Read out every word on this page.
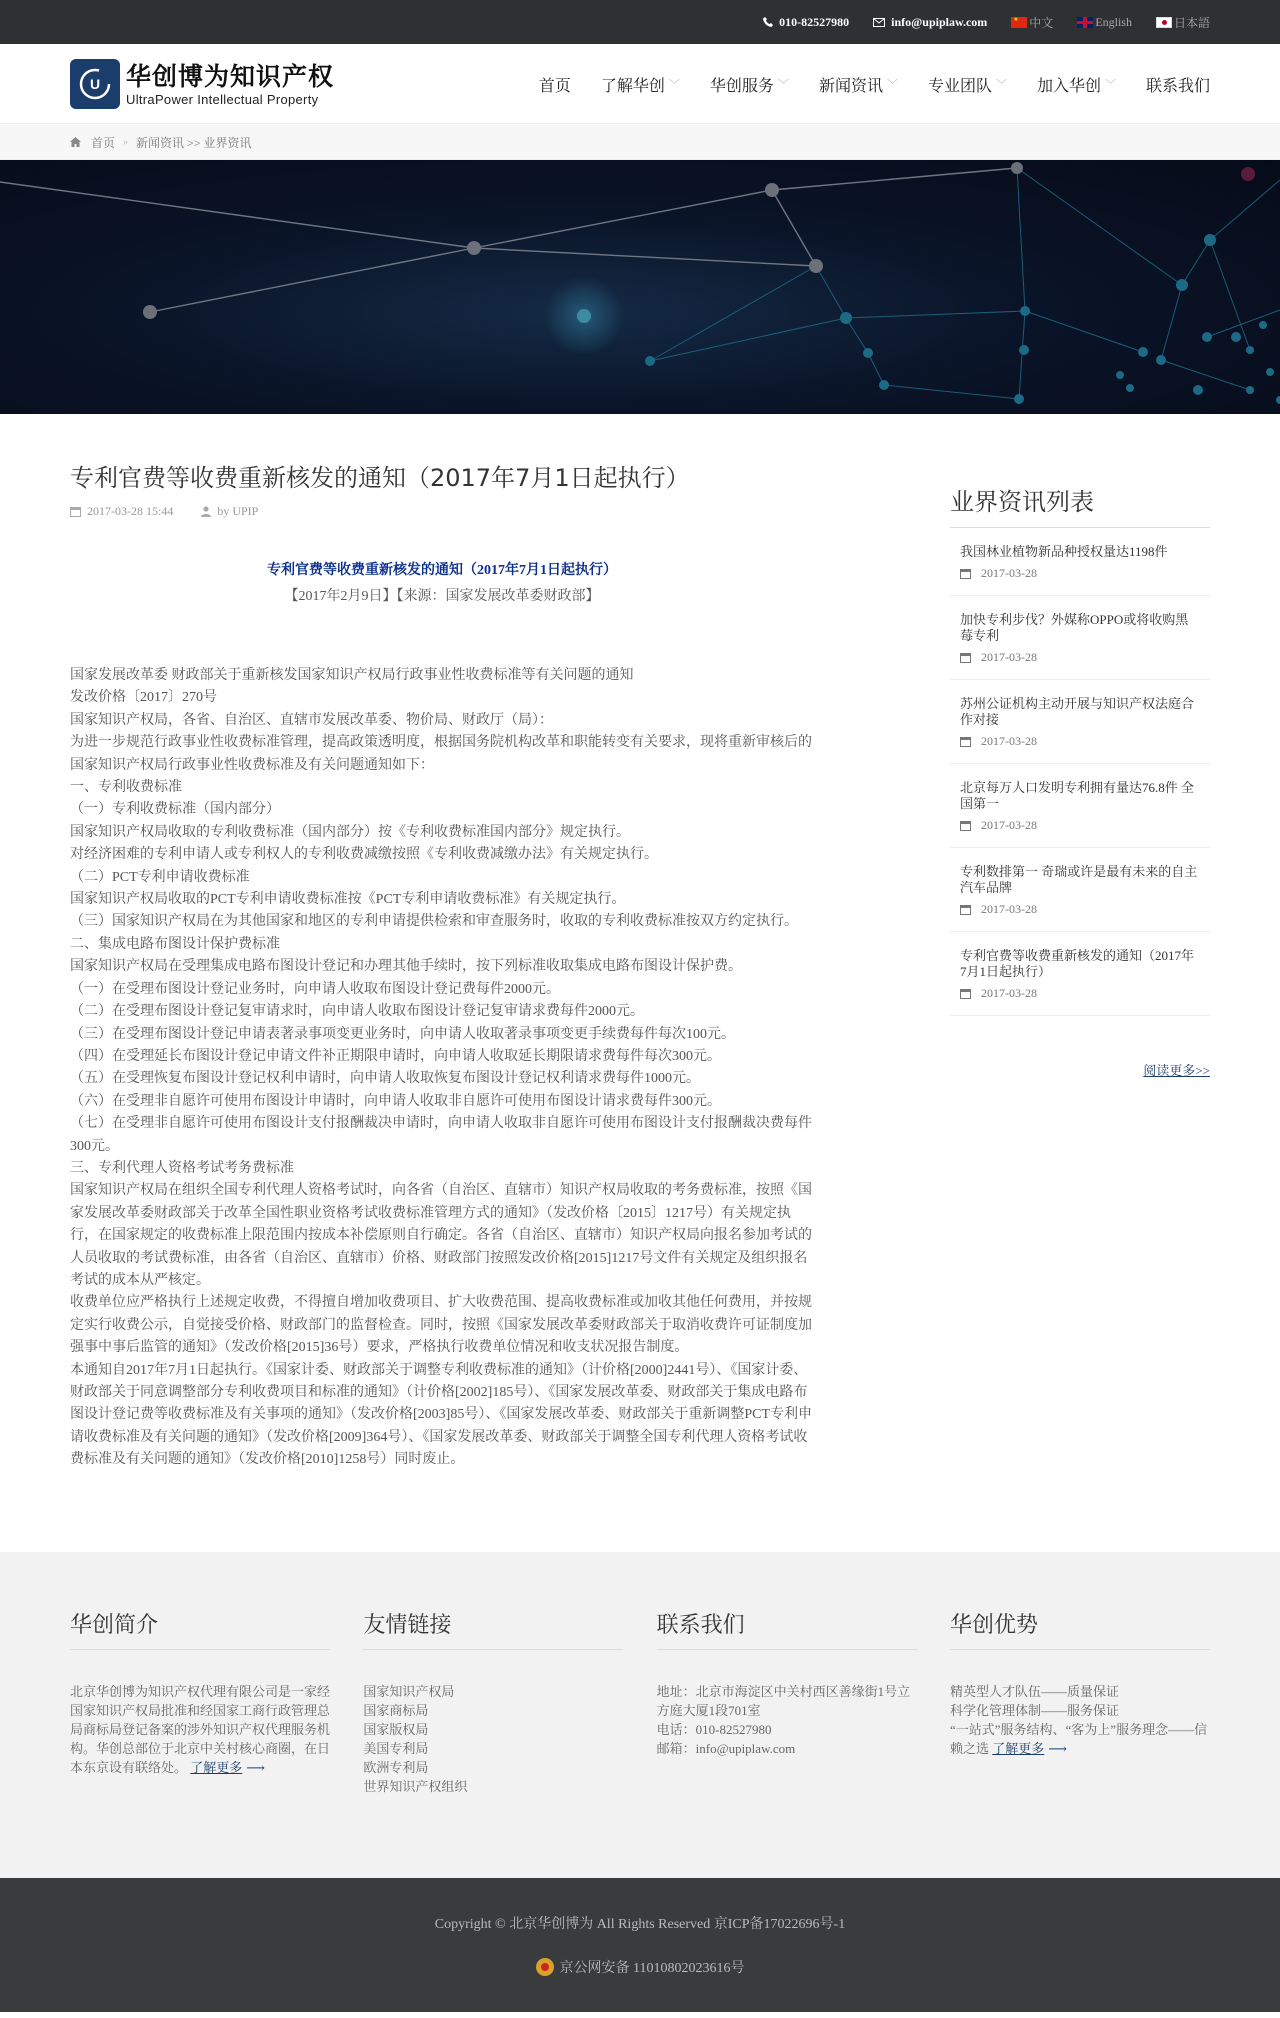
010-82527980	info@upiplaw.com
★	中文	English	日本語
U 华创博为知识产权
UltraPower Intellectual Property
首页 了解华创 ﹀ 华创服务 ﹀ 新闻资讯 ﹀ 专业团队 ﹀ 加入华创 ﹀ 联系我们
首页 » 新闻资讯 >> 业界资讯
专利官费等收费重新核发的通知（2017年7月1日起执行）
2017-03-28 15:44	by UPIP
专利官费等收费重新核发的通知（2017年7月1日起执行）
【2017年2月9日】【来源：国家发展改革委财政部】

国家发展改革委 财政部关于重新核发国家知识产权局行政事业性收费标准等有关问题的通知

发改价格〔2017〕270号

国家知识产权局，各省、自治区、直辖市发展改革委、物价局、财政厅（局）：

为进一步规范行政事业性收费标准管理，提高政策透明度，根据国务院机构改革和职能转变有关要求，现将重新审核后的国家知识产权局行政事业性收费标准及有关问题通知如下：

一、专利收费标准

（一）专利收费标准（国内部分）

国家知识产权局收取的专利收费标准（国内部分）按《专利收费标准国内部分》规定执行。

对经济困难的专利申请人或专利权人的专利收费减缴按照《专利收费减缴办法》有关规定执行。

（二）PCT专利申请收费标准

国家知识产权局收取的PCT专利申请收费标准按《PCT专利申请收费标准》有关规定执行。

（三）国家知识产权局在为其他国家和地区的专利申请提供检索和审查服务时，收取的专利收费标准按双方约定执行。

二、集成电路布图设计保护费标准

国家知识产权局在受理集成电路布图设计登记和办理其他手续时，按下列标准收取集成电路布图设计保护费。

（一）在受理布图设计登记业务时，向申请人收取布图设计登记费每件2000元。

（二）在受理布图设计登记复审请求时，向申请人收取布图设计登记复审请求费每件2000元。

（三）在受理布图设计登记申请表著录事项变更业务时，向申请人收取著录事项变更手续费每件每次100元。

（四）在受理延长布图设计登记申请文件补正期限申请时，向申请人收取延长期限请求费每件每次300元。

（五）在受理恢复布图设计登记权利申请时，向申请人收取恢复布图设计登记权利请求费每件1000元。

（六）在受理非自愿许可使用布图设计申请时，向申请人收取非自愿许可使用布图设计请求费每件300元。

（七）在受理非自愿许可使用布图设计支付报酬裁决申请时，向申请人收取非自愿许可使用布图设计支付报酬裁决费每件300元。

三、专利代理人资格考试考务费标准

国家知识产权局在组织全国专利代理人资格考试时，向各省（自治区、直辖市）知识产权局收取的考务费标准，按照《国家发展改革委财政部关于改革全国性职业资格考试收费标准管理方式的通知》（发改价格〔2015〕1217号）有关规定执行，在国家规定的收费标准上限范围内按成本补偿原则自行确定。各省（自治区、直辖市）知识产权局向报名参加考试的人员收取的考试费标准，由各省（自治区、直辖市）价格、财政部门按照发改价格[2015]1217号文件有关规定及组织报名考试的成本从严核定。

收费单位应严格执行上述规定收费，不得擅自增加收费项目、扩大收费范围、提高收费标准或加收其他任何费用，并按规定实行收费公示，自觉接受价格、财政部门的监督检查。同时，按照《国家发展改革委财政部关于取消收费许可证制度加强事中事后监管的通知》（发改价格[2015]36号）要求，严格执行收费单位情况和收支状况报告制度。

本通知自2017年7月1日起执行。《国家计委、财政部关于调整专利收费标准的通知》（计价格[2000]2441号）、《国家计委、财政部关于同意调整部分专利收费项目和标准的通知》（计价格[2002]185号）、《国家发展改革委、财政部关于集成电路布图设计登记费等收费标准及有关事项的通知》（发改价格[2003]85号）、《国家发展改革委、财政部关于重新调整PCT专利申请收费标准及有关问题的通知》（发改价格[2009]364号）、《国家发展改革委、财政部关于调整全国专利代理人资格考试收费标准及有关问题的通知》（发改价格[2010]1258号）同时废止。

业界资讯列表
我国林业植物新品种授权量达1198件
2017-03-28
加快专利步伐？外媒称OPPO或将收购黑莓专利
2017-03-28
苏州公证机构主动开展与知识产权法庭合作对接
2017-03-28
北京每万人口发明专利拥有量达76.8件 全国第一
2017-03-28
专利数排第一 奇瑞或许是最有未来的自主汽车品牌
2017-03-28
专利官费等收费重新核发的通知（2017年7月1日起执行）
2017-03-28
阅读更多>>
华创简介
北京华创博为知识产权代理有限公司是一家经国家知识产权局批准和经国家工商行政管理总局商标局登记备案的涉外知识产权代理服务机构。华创总部位于北京中关村核心商圈，在日本东京设有联络处。 了解更多 ⟶
友情链接
国家知识产权局
国家商标局
国家版权局
美国专利局
欧洲专利局
世界知识产权组织
联系我们
地址：北京市海淀区中关村西区善缘街1号立方庭大厦1段701室
电话：010-82527980
邮箱：info@upiplaw.com
华创优势
精英型人才队伍——质量保证
科学化管理体制——服务保证
“一站式”服务结构、“客为上”服务理念——信赖之选 了解更多 ⟶
Copyright © 北京华创博为 All Rights Reserved 京ICP备17022696号-1
京公网安备 11010802023616号
